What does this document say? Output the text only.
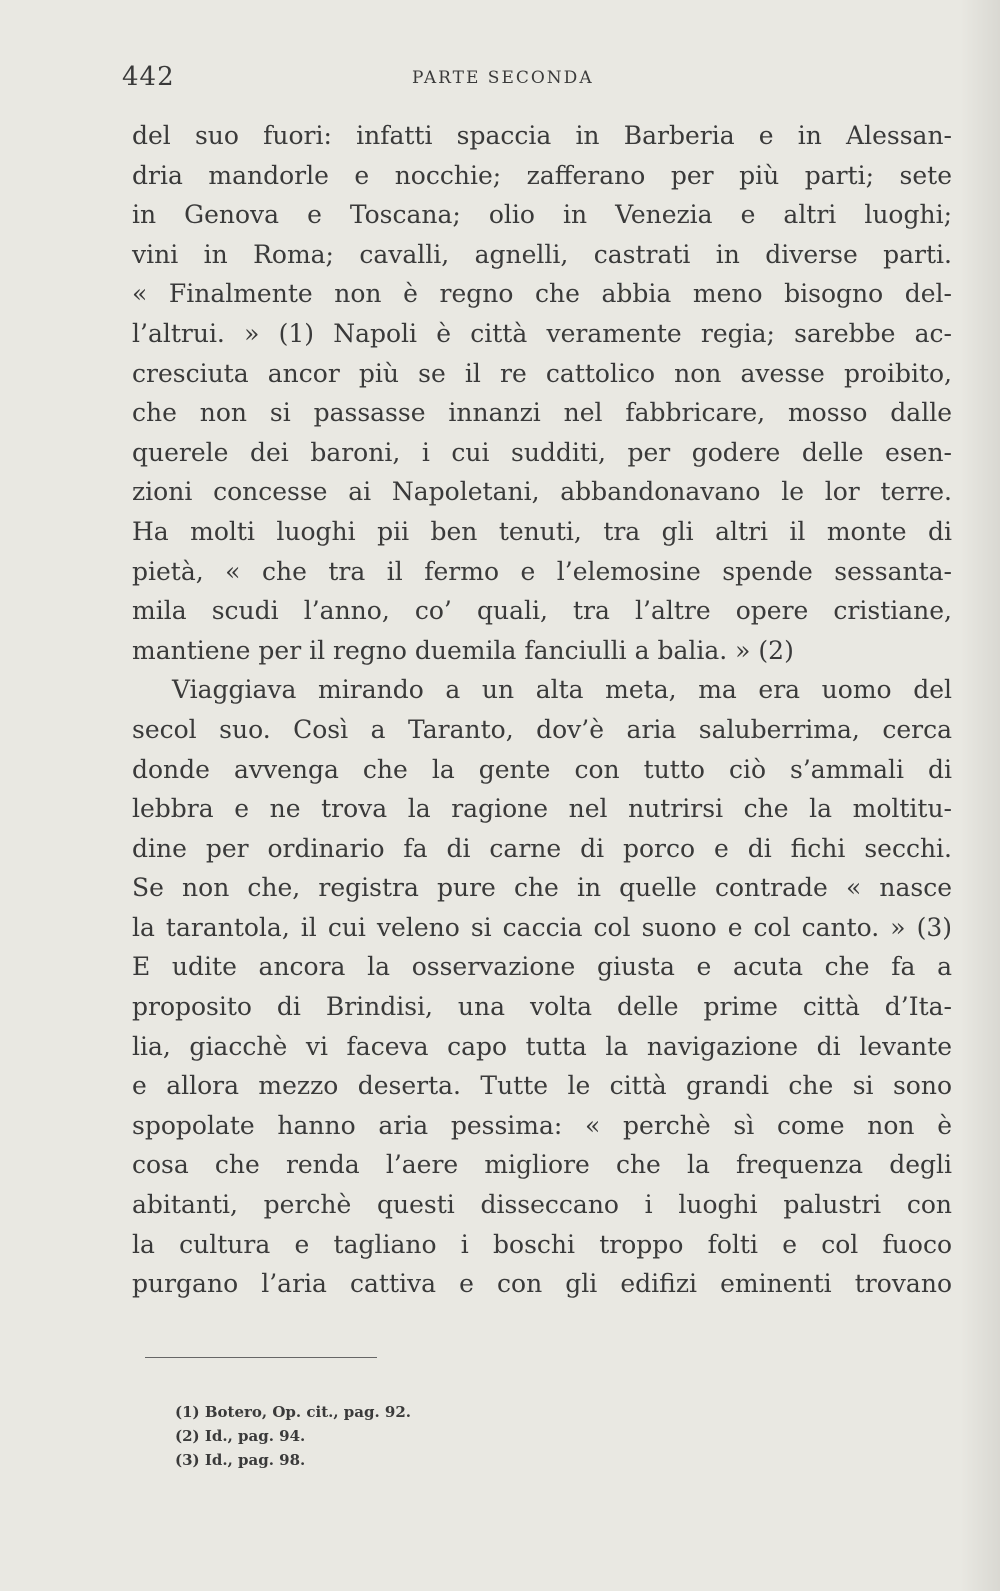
442	PARTE SECONDA
del suo fuori: infatti spaccia in Barberia e in Alessan-
dria mandorle e nocchie; zafferano per più parti; sete
in Genova e Toscana; olio in Venezia e altri luoghi;
vini in Roma; cavalli, agnelli, castrati in diverse parti.
« Finalmente non è regno che abbia meno bisogno del-
l’altrui. » (1) Napoli è città veramente regia; sarebbe ac-
cresciuta ancor più se il re cattolico non avesse proibito,
che non si passasse innanzi nel fabbricare, mosso dalle
querele dei baroni, i cui sudditi, per godere delle esen-
zioni concesse ai Napoletani, abbandonavano le lor terre.
Ha molti luoghi pii ben tenuti, tra gli altri il monte di
pietà, « che tra il fermo e l’elemosine spende sessanta-
mila scudi l’anno, co’ quali, tra l’altre opere cristiane,
mantiene per il regno duemila fanciulli a balia. » (2)
Viaggiava mirando a un alta meta, ma era uomo del
secol suo. Così a Taranto, dov’è aria saluberrima, cerca
donde avvenga che la gente con tutto ciò s’ammali di
lebbra e ne trova la ragione nel nutrirsi che la moltitu-
dine per ordinario fa di carne di porco e di fichi secchi.
Se non che, registra pure che in quelle contrade « nasce
la tarantola, il cui veleno si caccia col suono e col canto. » (3)
E udite ancora la osservazione giusta e acuta che fa a
proposito di Brindisi, una volta delle prime città d’Ita-
lia, giacchè vi faceva capo tutta la navigazione di levante
e allora mezzo deserta. Tutte le città grandi che si sono
spopolate hanno aria pessima: « perchè sì come non è
cosa che renda l’aere migliore che la frequenza degli
abitanti, perchè questi disseccano i luoghi palustri con
la cultura e tagliano i boschi troppo folti e col fuoco
purgano l’aria cattiva e con gli edifizi eminenti trovano
(1) Botero, Op. cit., pag. 92.
(2) Id., pag. 94.
(3) Id., pag. 98.
